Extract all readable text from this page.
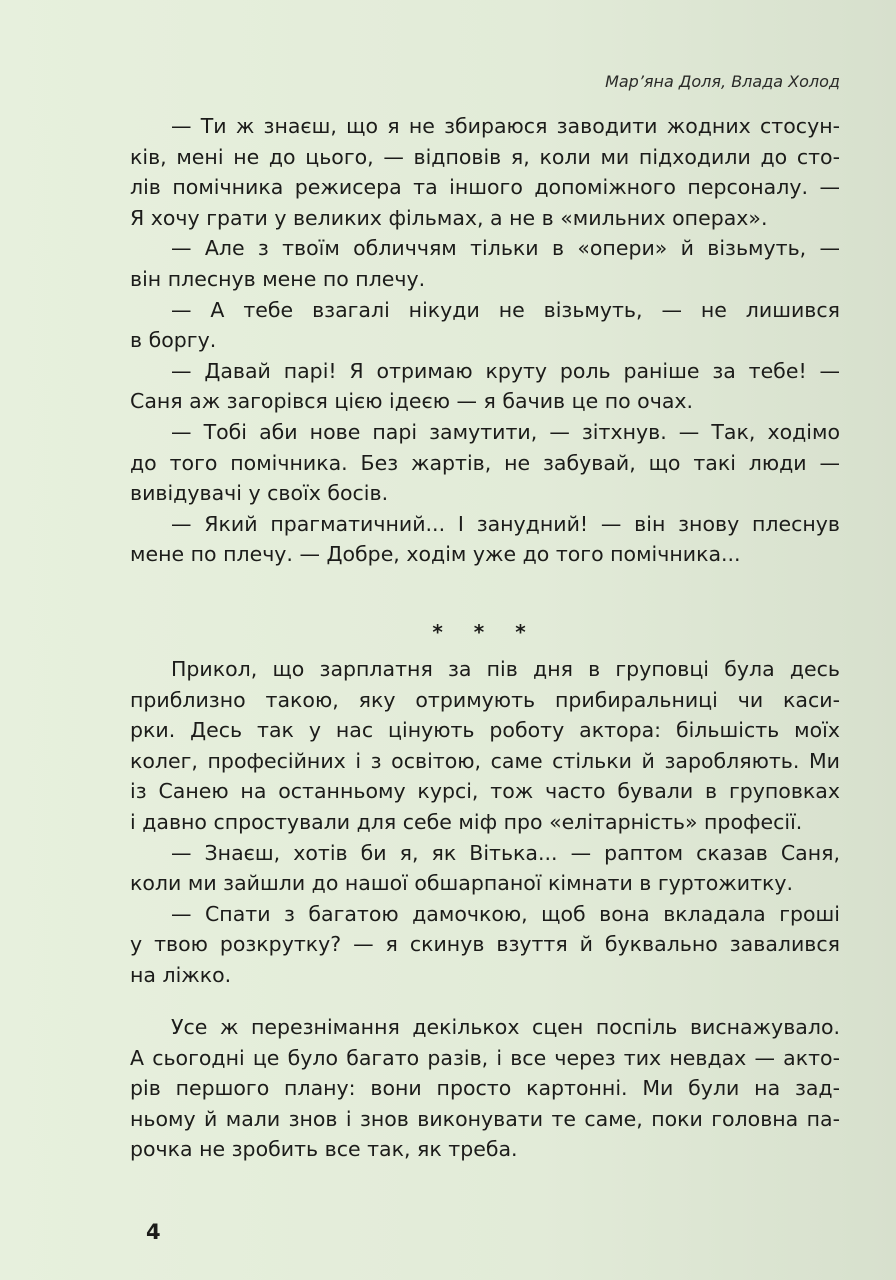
Мар’яна Доля, Влада Холод
— Ти ж знаєш, що я не збираюся заводити жодних стосун-
ків, мені не до цього, — відповів я, коли ми підходили до сто-
лів помічника режисера та іншого допоміжного персоналу. —
Я хочу грати у великих фільмах, а не в «мильних операх».
— Але з твоїм обличчям тільки в «опери» й візьмуть, —
він плеснув мене по плечу.
— А тебе взагалі нікуди не візьмуть, — не лишився
в боргу.
— Давай парі! Я отримаю круту роль раніше за тебе! —
Саня аж загорівся цією ідеєю — я бачив це по очах.
— Тобі аби нове парі замутити, — зітхнув. — Так, ходімо
до того помічника. Без жартів, не забувай, що такі люди —
вивідувачі у своїх босів.
— Який прагматичний... І занудний! — він знову плеснув
мене по плечу. — Добре, ходім уже до того помічника...
* * *
Прикол, що зарплатня за пів дня в груповці була десь
приблизно такою, яку отримують прибиральниці чи каси-
рки. Десь так у нас цінують роботу актора: більшість моїх
колег, професійних і з освітою, саме стільки й заробляють. Ми
із Санею на останньому курсі, тож часто бували в груповках
і давно спростували для себе міф про «елітарність» професії.
— Знаєш, хотів би я, як Вітька... — раптом сказав Саня,
коли ми зайшли до нашої обшарпаної кімнати в гуртожитку.
— Спати з багатою дамочкою, щоб вона вкладала гроші
у твою розкрутку? — я скинув взуття й буквально завалився
на ліжко.
Усе ж перезнімання декількох сцен поспіль виснажувало.
А сьогодні це було багато разів, і все через тих невдах — акто-
рів першого плану: вони просто картонні. Ми були на зад-
ньому й мали знов і знов виконувати те саме, поки головна па-
рочка не зробить все так, як треба.
4
